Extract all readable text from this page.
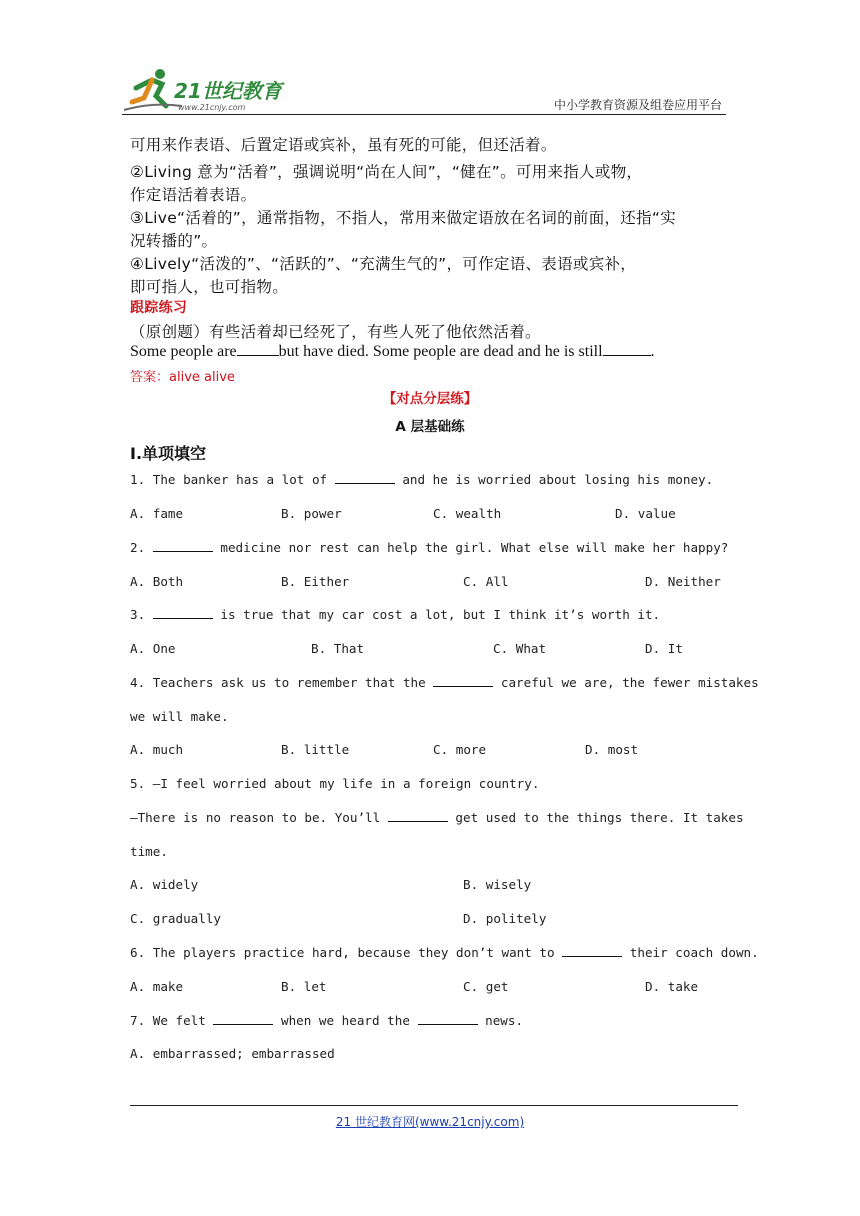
21世纪教育
www.21cnjy.com	中小学教育资源及组卷应用平台
可用来作表语、后置定语或宾补，虽有死的可能，但还活着。
②Living 意为“活着”，强调说明“尚在人间”，“健在”。可用来指人或物，
作定语活着表语。
③Live“活着的”，通常指物，不指人，常用来做定语放在名词的前面，还指“实
况转播的”。
④Lively“活泼的”、“活跃的”、“充满生气的”，可作定语、表语或宾补，
即可指人，也可指物。
跟踪练习
（原创题）有些活着却已经死了，有些人死了他依然活着。
Some people are	but have died. Some people are dead and he is still	.
答案：alive alive
【对点分层练】
A 层基础练
I.单项填空
1. The banker has a lot of	and he is worried about losing his money.
A. fame	B. power	C. wealth	D. value
2.	medicine nor rest can help the girl. What else will make her happy?
A. Both	B. Either	C. All	D. Neither
3.	is true that my car cost a lot, but I think it’s worth it.
A. One	B. That	C. What	D. It
4. Teachers ask us to remember that the	careful we are, the fewer mistakes
we will make.
A. much	B. little	C. more	D. most
5. —I feel worried about my life in a foreign country.
—There is no reason to be. You’ll	get used to the things there. It takes
time.
A. widely	B. wisely
C. gradually	D. politely
6. The players practice hard, because they don’t want to	their coach down.
A. make	B. let	C. get	D. take
7. We felt	when we heard the	news.
A. embarrassed; embarrassed
21 世纪教育网(www.21cnjy.com)
